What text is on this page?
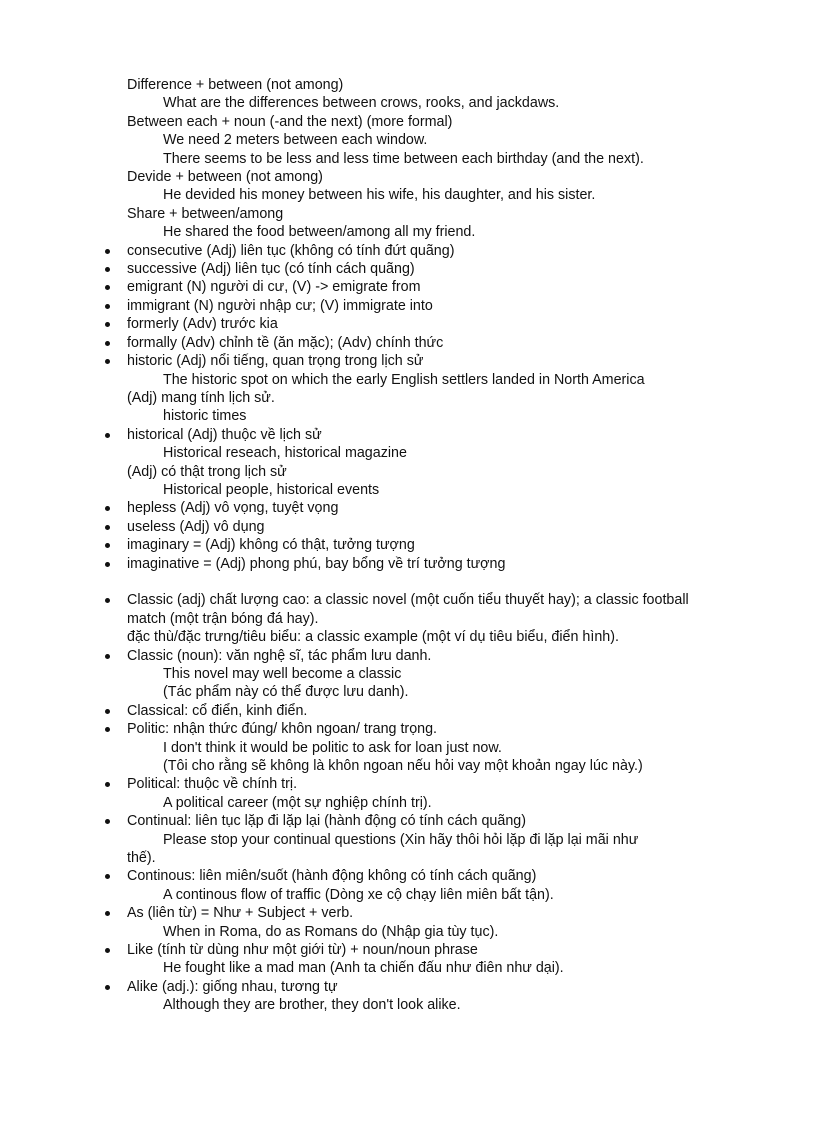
Difference + between (not among)
What are the differences between crows, rooks, and jackdaws.
Between each + noun (-and the next) (more formal)
We need 2 meters between each window.
There seems to be less and less time between each birthday (and the next).
Devide + between (not among)
He devided his money between his wife, his daughter, and his sister.
Share + between/among
He shared the food between/among all my friend.
consecutive (Adj) liên tục (không có tính đứt quãng)
successive (Adj) liên tục (có tính cách quãng)
emigrant (N) người di cư, (V) -> emigrate from
immigrant (N) người nhập cư; (V) immigrate into
formerly (Adv) trước kia
formally (Adv) chỉnh tề (ăn mặc); (Adv) chính thức
historic (Adj) nổi tiếng, quan trọng trong lịch sử
The historic spot on which the early English settlers landed in North America
(Adj) mang tính lịch sử.
historic times
historical (Adj) thuộc về lịch sử
Historical reseach, historical magazine
(Adj) có thật trong lịch sử
Historical people, historical events
hepless (Adj) vô vọng, tuyệt vọng
useless (Adj) vô dụng
imaginary = (Adj) không có thật, tưởng tượng
imaginative = (Adj) phong phú, bay bổng về trí tưởng tượng
Classic (adj) chất lượng cao: a classic novel (một cuốn tiểu thuyết hay); a classic football match (một trận bóng đá hay).
đặc thù/đặc trưng/tiêu biểu: a classic example (một ví dụ tiêu biểu, điển hình).
Classic (noun): văn nghệ sĩ, tác phẩm lưu danh.
This novel may well become a classic
(Tác phẩm này có thể được lưu danh).
Classical: cổ điển, kinh điển.
Politic: nhận thức đúng/ khôn ngoan/ trang trọng.
I don't think it would be politic to ask for loan just now.
(Tôi cho rằng sẽ không là khôn ngoan nếu hỏi vay một khoản ngay lúc này.)
Political: thuộc về chính trị.
A political career (một sự nghiệp chính trị).
Continual: liên tục lặp đi lặp lại (hành động có tính cách quãng)
Please stop your continual questions (Xin hãy thôi hỏi lặp đi lặp lại mãi như
thế).
Continous: liên miên/suốt (hành động không có tính cách quãng)
A continous flow of traffic (Dòng xe cộ chạy liên miên bất tận).
As (liên từ) = Như + Subject + verb.
When in Roma, do as Romans do (Nhập gia tùy tục).
Like (tính từ dùng như một giới từ) + noun/noun phrase
He fought like a mad man (Anh ta chiến đấu như điên như dại).
Alike (adj.): giống nhau, tương tự
Although they are brother, they don't look alike.
